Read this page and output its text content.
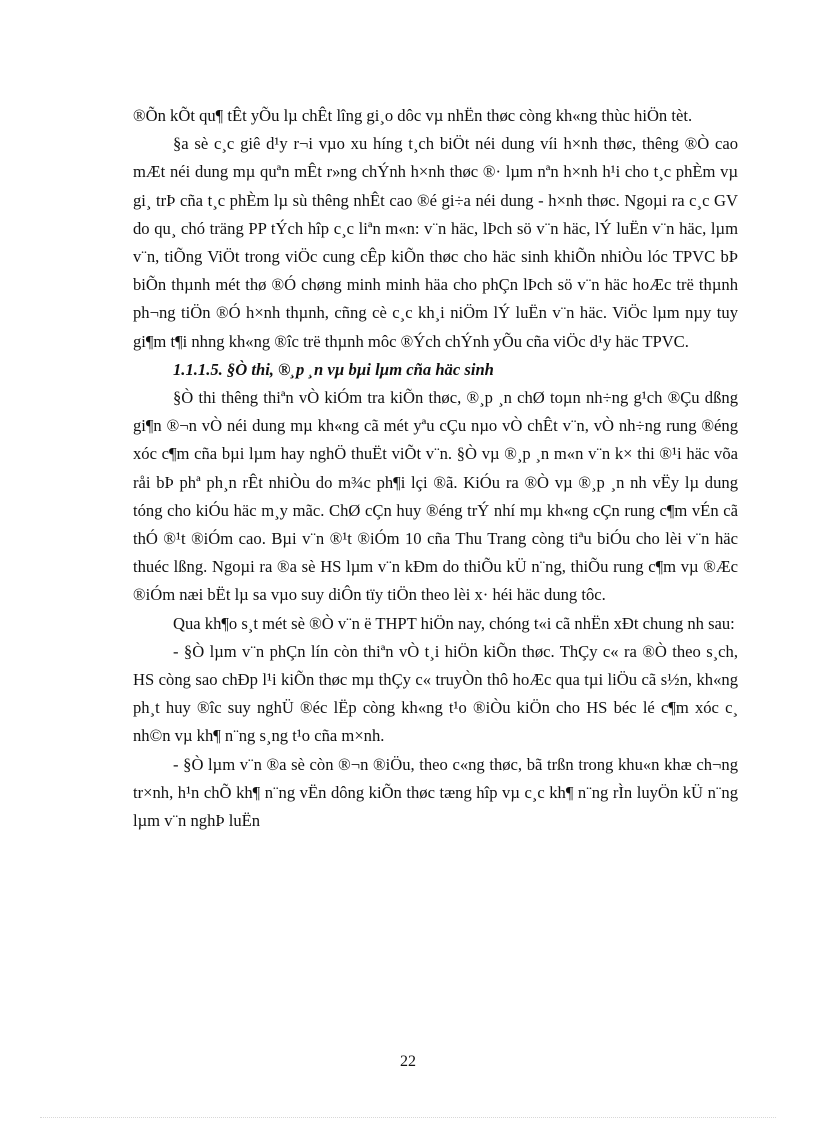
®Õn kÕt qu¶ tÊt yÕu lµ chÊt lîng gi¸o dôc vµ nhËn thøc còng kh«ng thùc hiÖn tèt.

§a sè c¸c giê d¹y r¬i vµo xu híng t¸ch biÖt néi dung víi h×nh thøc, thêng ®Ò cao mÆt néi dung mµ quªn mÊt r»ng chÝnh h×nh thøc ®· lµm nªn h×nh h¹i cho t¸c phÈm vµ gi¸ trÞ cña t¸c phÈm lµ sù thêng nhÊt cao ®é gi÷a néi dung - h×nh thøc. Ngoµi ra c¸c GV do qu¸ chó träng PP tÝch hîp c¸c liªn m«n: v¨n häc, lÞch sö v¨n häc, lÝ luËn v¨n häc, lµm v¨n, tiÕng ViÖt trong viÖc cung cÊp kiÕn thøc cho häc sinh khiÕn nhiÒu lóc TPVC bÞ biÕn thµnh mét thø ®Ó chøng minh minh häa cho phÇn lÞch sö v¨n häc hoÆc trë thµnh ph¬ng tiÖn ®Ó h×nh thµnh, cñng cè c¸c kh¸i niÖm lÝ luËn v¨n häc. ViÖc lµm nµy tuy gi¶m t¶i nhng kh«ng ®îc trë thµnh môc ®Ých chÝnh yÕu cña viÖc d¹y häc TPVC.

1.1.1.5. §Ò thi, ®¸p ¸n vµ bµi lµm cña häc sinh

§Ò thi thêng thiªn vÒ kiÓm tra kiÕn thøc, ®¸p ¸n chØ toµn nh÷ng g¹ch ®Çu dßng gi¶n ®¬n vÒ néi dung mµ kh«ng cã mét yªu cÇu nµo vÒ chÊt v¨n, vÒ nh÷ng rung ®éng xóc c¶m cña bµi lµm hay nghÖ thuËt viÕt v¨n. §Ò vµ ®¸p ¸n m«n v¨n k× thi ®¹i häc võa råi bÞ phª ph¸n rÊt nhiÒu do m¾c ph¶i lçi ®ã. KiÓu ra ®Ò vµ ®¸p ¸n nh vËy lµ dung tóng cho kiÓu häc m¸y mãc. ChØ cÇn huy ®éng trÝ nhí mµ kh«ng cÇn rung c¶m vÉn cã thÓ ®¹t ®iÓm cao. Bµi v¨n ®¹t ®iÓm 10 cña Thu Trang còng tiªu biÓu cho lèi v¨n häc thuéc lßng. Ngoµi ra ®a sè HS lµm v¨n kÐm do thiÕu kÜ n¨ng, thiÕu rung c¶m vµ ®Æc ®iÓm næi bËt lµ sa vµo suy diÔn tïy tiÖn theo lèi x· héi häc dung tôc.

Qua kh¶o s¸t mét sè ®Ò v¨n ë THPT hiÖn nay, chóng t«i cã nhËn xÐt chung nh sau:

- §Ò lµm v¨n phÇn lín còn thiªn vÒ t¸i hiÖn kiÕn thøc. ThÇy c« ra ®Ò theo s¸ch, HS còng sao chÐp l¹i kiÕn thøc mµ thÇy c« truyÒn thô hoÆc qua tµi liÖu cã s½n, kh«ng ph¸t huy ®îc suy nghÜ ®éc lËp còng kh«ng t¹o ®iÒu kiÖn cho HS béc lé c¶m xóc c¸ nh©n vµ kh¶ n¨ng s¸ng t¹o cña m×nh.

- §Ò lµm v¨n ®a sè còn ®¬n ®iÖu, theo c«ng thøc, bã trßn trong khu«n khæ ch¬ng tr×nh, h¹n chÕ kh¶ n¨ng vËn dông kiÕn thøc tæng hîp vµ c¸c kh¶ n¨ng rÌn luyÖn kÜ n¨ng lµm v¨n nghÞ luËn

22
